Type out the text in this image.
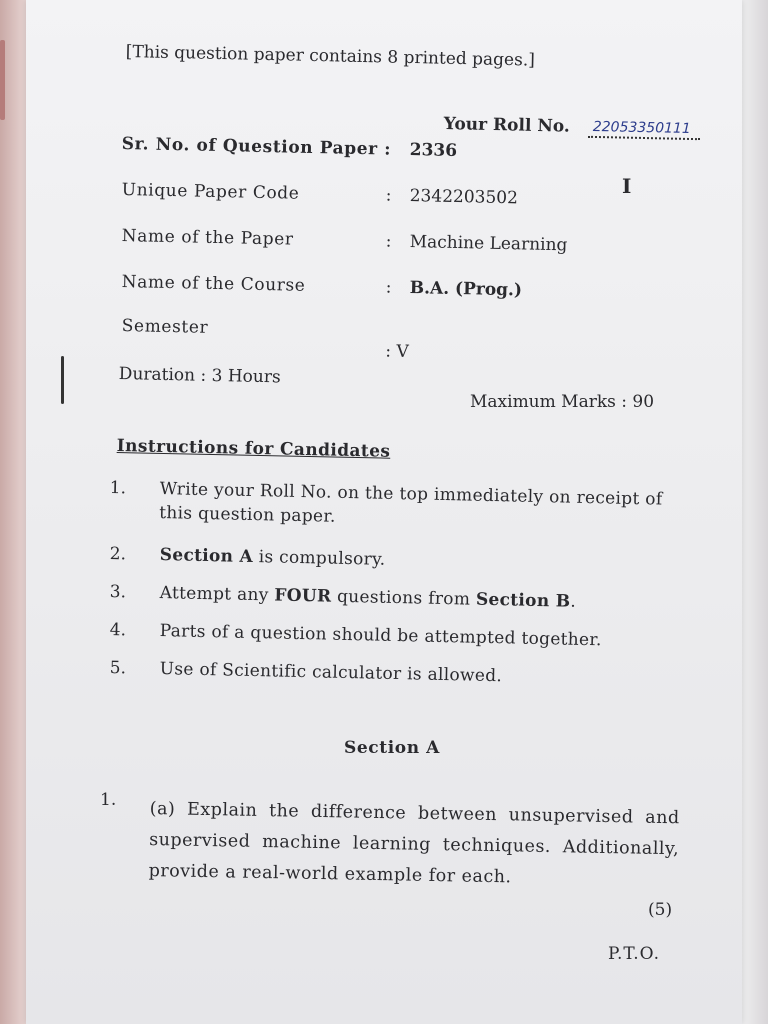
[This question paper contains 8 printed pages.]
Your Roll No. 22053350111
I
Sr. No. of Question Paper : 2336
Unique Paper Code	: 2342203502
Name of the Paper	: Machine Learning
Name of the Course	: B.A. (Prog.)
Semester
: V
Duration : 3 Hours
Maximum Marks : 90
Instructions for Candidates
1. Write your Roll No. on the top immediately on receipt of this question paper.
2. Section A is compulsory.
3. Attempt any FOUR questions from Section B.
4. Parts of a question should be attempted together.
5. Use of Scientific calculator is allowed.
Section A
1. (a) Explain the difference between unsupervised and supervised machine learning techniques. Additionally, provide a real-world example for each.
(5)
P.T.O.
